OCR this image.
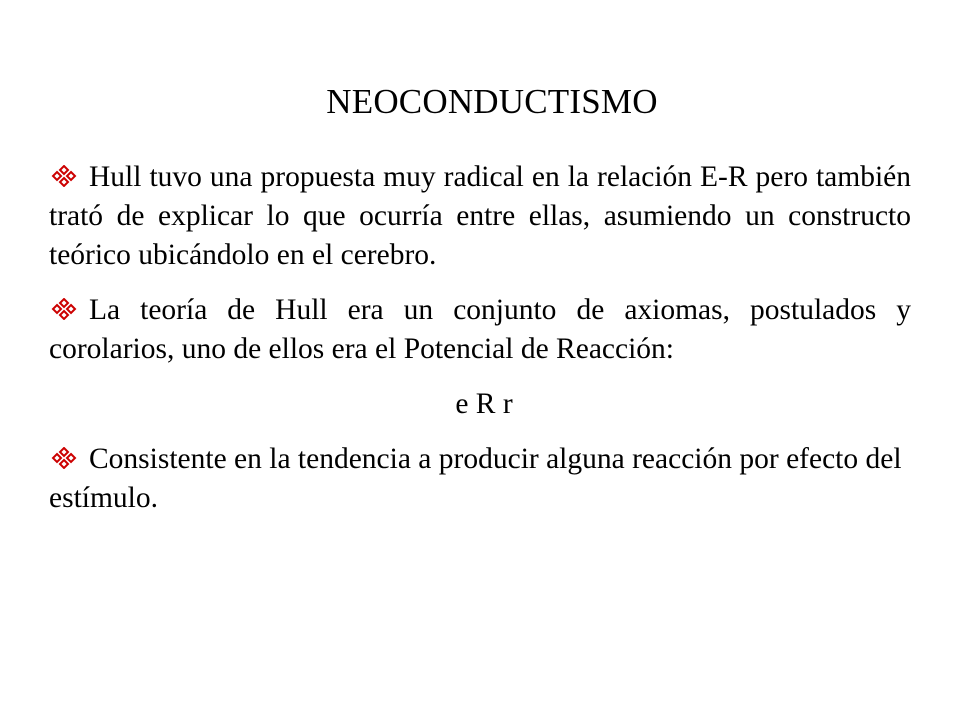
NEOCONDUCTISMO

Hull tuvo una propuesta muy radical en la relación E-R pero también trató de explicar lo que ocurría entre ellas, asumiendo un constructo teórico ubicándolo en el cerebro.

La teoría de Hull era un conjunto de axiomas, postulados y corolarios, uno de ellos era el Potencial de Reacción:

e R r

Consistente en la tendencia a producir alguna reacción por efecto del estímulo.
